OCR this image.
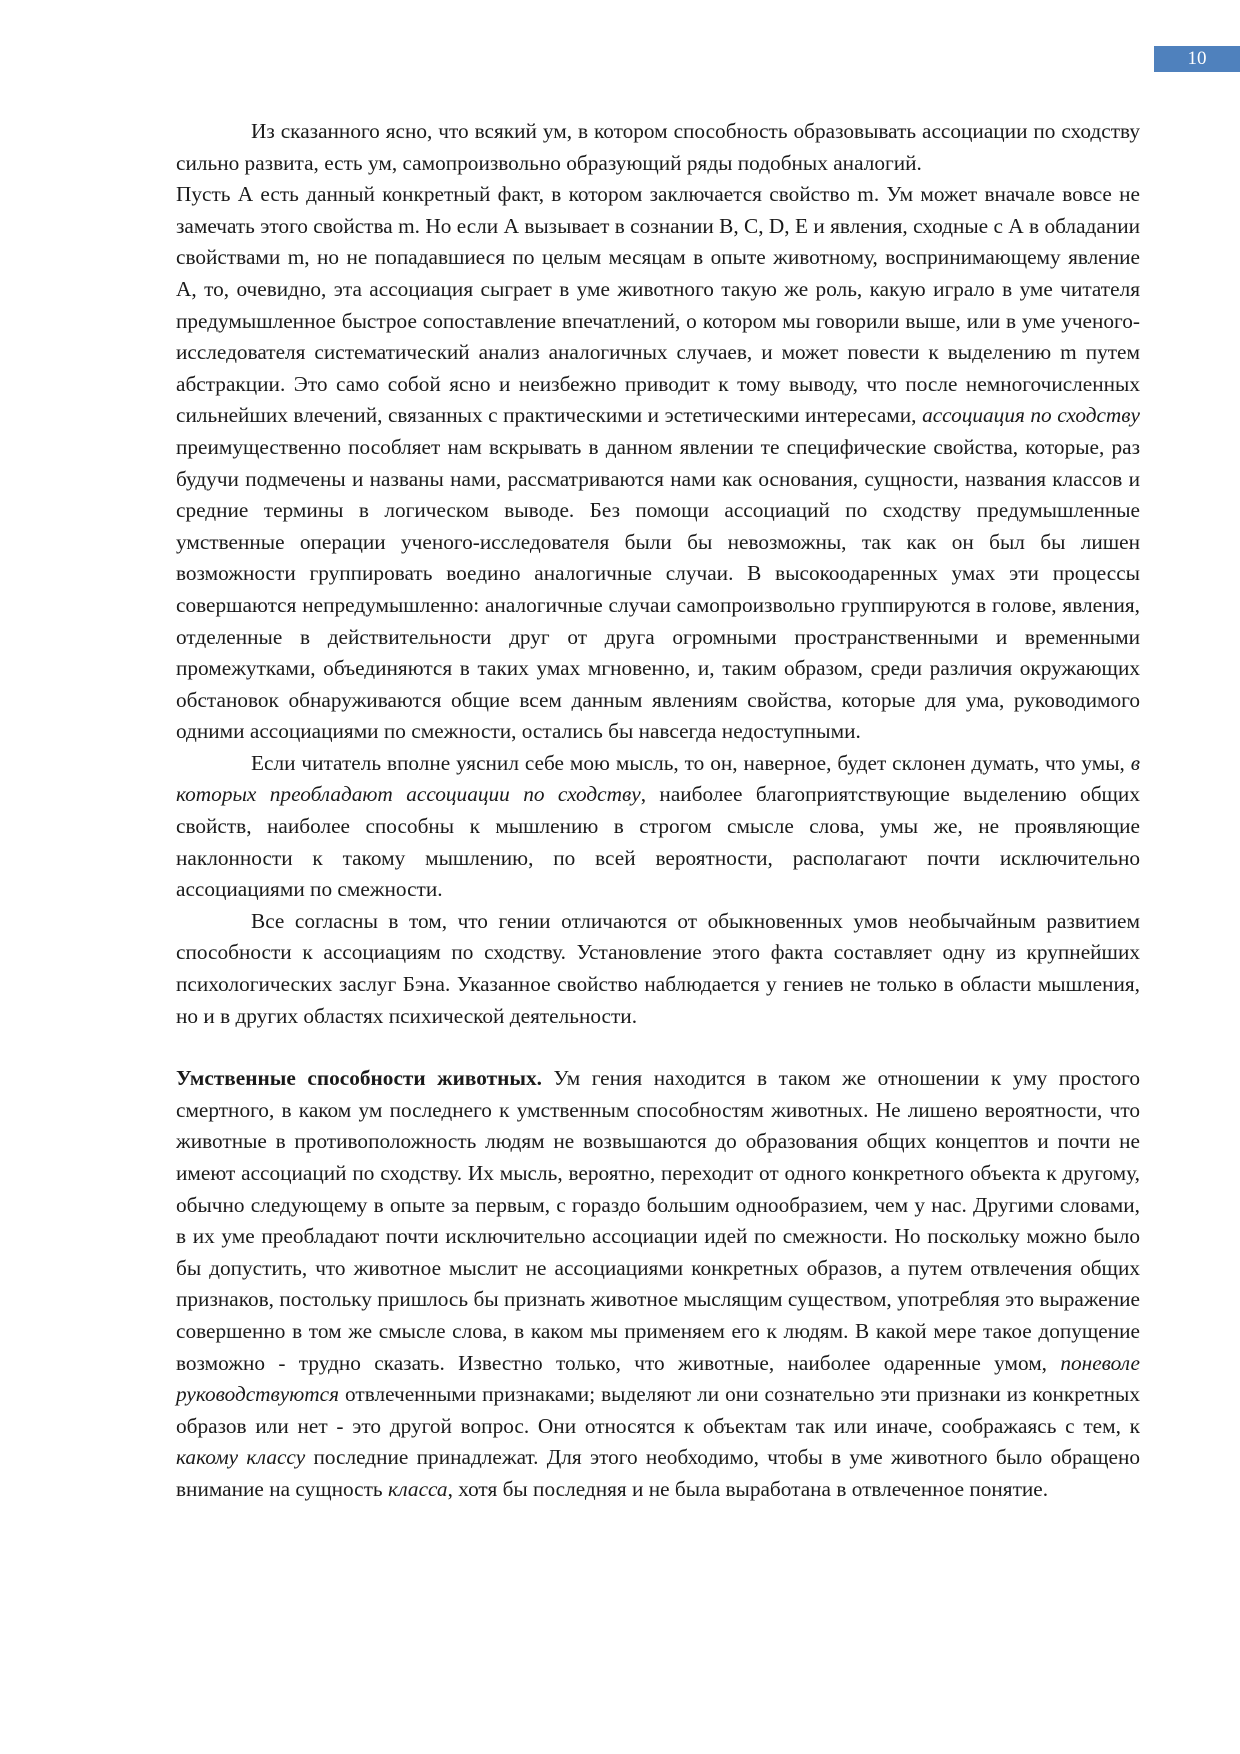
10

Из сказанного ясно, что всякий ум, в котором способность образовывать ассоциации по сходству сильно развита, есть ум, самопроизвольно образующий ряды подобных аналогий.

Пусть А есть данный конкретный факт, в котором заключается свойство m. Ум может вначале вовсе не замечать этого свойства m. Но если А вызывает в сознании В, С, D, Е и явления, сходные с А в обладании свойствами m, но не попадавшиеся по целым месяцам в опыте животному, воспринимающему явление А, то, очевидно, эта ассоциация сыграет в уме животного такую же роль, какую играло в уме читателя предумышленное быстрое сопоставление впечатлений, о котором мы говорили выше, или в уме ученого-исследователя систематический анализ аналогичных случаев, и может повести к выделению m путем абстракции. Это само собой ясно и неизбежно приводит к тому выводу, что после немногочисленных сильнейших влечений, связанных с практическими и эстетическими интересами, ассоциация по сходству преимущественно пособляет нам вскрывать в данном явлении те специфические свойства, которые, раз будучи подмечены и названы нами, рассматриваются нами как основания, сущности, названия классов и средние термины в логическом выводе. Без помощи ассоциаций по сходству предумышленные умственные операции ученого-исследователя были бы невозможны, так как он был бы лишен возможности группировать воедино аналогичные случаи. В высокоодаренных умах эти процессы совершаются непредумышленно: аналогичные случаи самопроизвольно группируются в голове, явления, отделенные в действительности друг от друга огромными пространственными и временными промежутками, объединяются в таких умах мгновенно, и, таким образом, среди различия окружающих обстановок обнаруживаются общие всем данным явлениям свойства, которые для ума, руководимого одними ассоциациями по смежности, остались бы навсегда недоступными.

Если читатель вполне уяснил себе мою мысль, то он, наверное, будет склонен думать, что умы, в которых преобладают ассоциации по сходству, наиболее благоприятствующие выделению общих свойств, наиболее способны к мышлению в строгом смысле слова, умы же, не проявляющие наклонности к такому мышлению, по всей вероятности, располагают почти исключительно ассоциациями по смежности.

Все согласны в том, что гении отличаются от обыкновенных умов необычайным развитием способности к ассоциациям по сходству. Установление этого факта составляет одну из крупнейших психологических заслуг Бэна. Указанное свойство наблюдается у гениев не только в области мышления, но и в других областях психической деятельности.

Умственные способности животных. Ум гения находится в таком же отношении к уму простого смертного, в каком ум последнего к умственным способностям животных. Не лишено вероятности, что животные в противоположность людям не возвышаются до образования общих концептов и почти не имеют ассоциаций по сходству. Их мысль, вероятно, переходит от одного конкретного объекта к другому, обычно следующему в опыте за первым, с гораздо большим однообразием, чем у нас. Другими словами, в их уме преобладают почти исключительно ассоциации идей по смежности. Но поскольку можно было бы допустить, что животное мыслит не ассоциациями конкретных образов, а путем отвлечения общих признаков, постольку пришлось бы признать животное мыслящим существом, употребляя это выражение совершенно в том же смысле слова, в каком мы применяем его к людям. В какой мере такое допущение возможно - трудно сказать. Известно только, что животные, наиболее одаренные умом, поневоле руководствуются отвлеченными признаками; выделяют ли они сознательно эти признаки из конкретных образов или нет - это другой вопрос. Они относятся к объектам так или иначе, соображаясь с тем, к какому классу последние принадлежат. Для этого необходимо, чтобы в уме животного было обращено внимание на сущность класса, хотя бы последняя и не была выработана в отвлеченное понятие.
